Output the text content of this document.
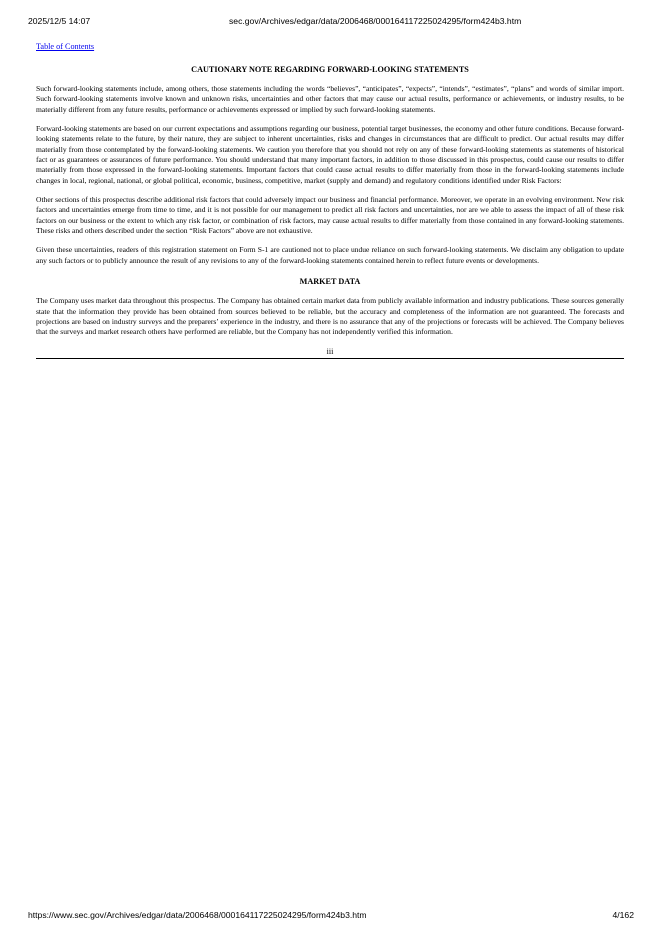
2025/12/5 14:07	sec.gov/Archives/edgar/data/2006468/000164117225024295/form424b3.htm
Table of Contents
CAUTIONARY NOTE REGARDING FORWARD-LOOKING STATEMENTS

Such forward-looking statements include, among others, those statements including the words “believes”, “anticipates”, “expects”, “intends”, “estimates”, “plans” and words of similar import. Such forward-looking statements involve known and unknown risks, uncertainties and other factors that may cause our actual results, performance or achievements, or industry results, to be materially different from any future results, performance or achievements expressed or implied by such forward-looking statements.

Forward-looking statements are based on our current expectations and assumptions regarding our business, potential target businesses, the economy and other future conditions. Because forward-looking statements relate to the future, by their nature, they are subject to inherent uncertainties, risks and changes in circumstances that are difficult to predict. Our actual results may differ materially from those contemplated by the forward-looking statements. We caution you therefore that you should not rely on any of these forward-looking statements as statements of historical fact or as guarantees or assurances of future performance. You should understand that many important factors, in addition to those discussed in this prospectus, could cause our results to differ materially from those expressed in the forward-looking statements. Important factors that could cause actual results to differ materially from those in the forward-looking statements include changes in local, regional, national, or global political, economic, business, competitive, market (supply and demand) and regulatory conditions identified under Risk Factors:

Other sections of this prospectus describe additional risk factors that could adversely impact our business and financial performance. Moreover, we operate in an evolving environment. New risk factors and uncertainties emerge from time to time, and it is not possible for our management to predict all risk factors and uncertainties, nor are we able to assess the impact of all of these risk factors on our business or the extent to which any risk factor, or combination of risk factors, may cause actual results to differ materially from those contained in any forward-looking statements. These risks and others described under the section “Risk Factors” above are not exhaustive.

Given these uncertainties, readers of this registration statement on Form S-1 are cautioned not to place undue reliance on such forward-looking statements. We disclaim any obligation to update any such factors or to publicly announce the result of any revisions to any of the forward-looking statements contained herein to reflect future events or developments.

MARKET DATA

The Company uses market data throughout this prospectus. The Company has obtained certain market data from publicly available information and industry publications. These sources generally state that the information they provide has been obtained from sources believed to be reliable, but the accuracy and completeness of the information are not guaranteed. The forecasts and projections are based on industry surveys and the preparers’ experience in the industry, and there is no assurance that any of the projections or forecasts will be achieved. The Company believes that the surveys and market research others have performed are reliable, but the Company has not independently verified this information.

iii
https://www.sec.gov/Archives/edgar/data/2006468/000164117225024295/form424b3.htm	4/162
